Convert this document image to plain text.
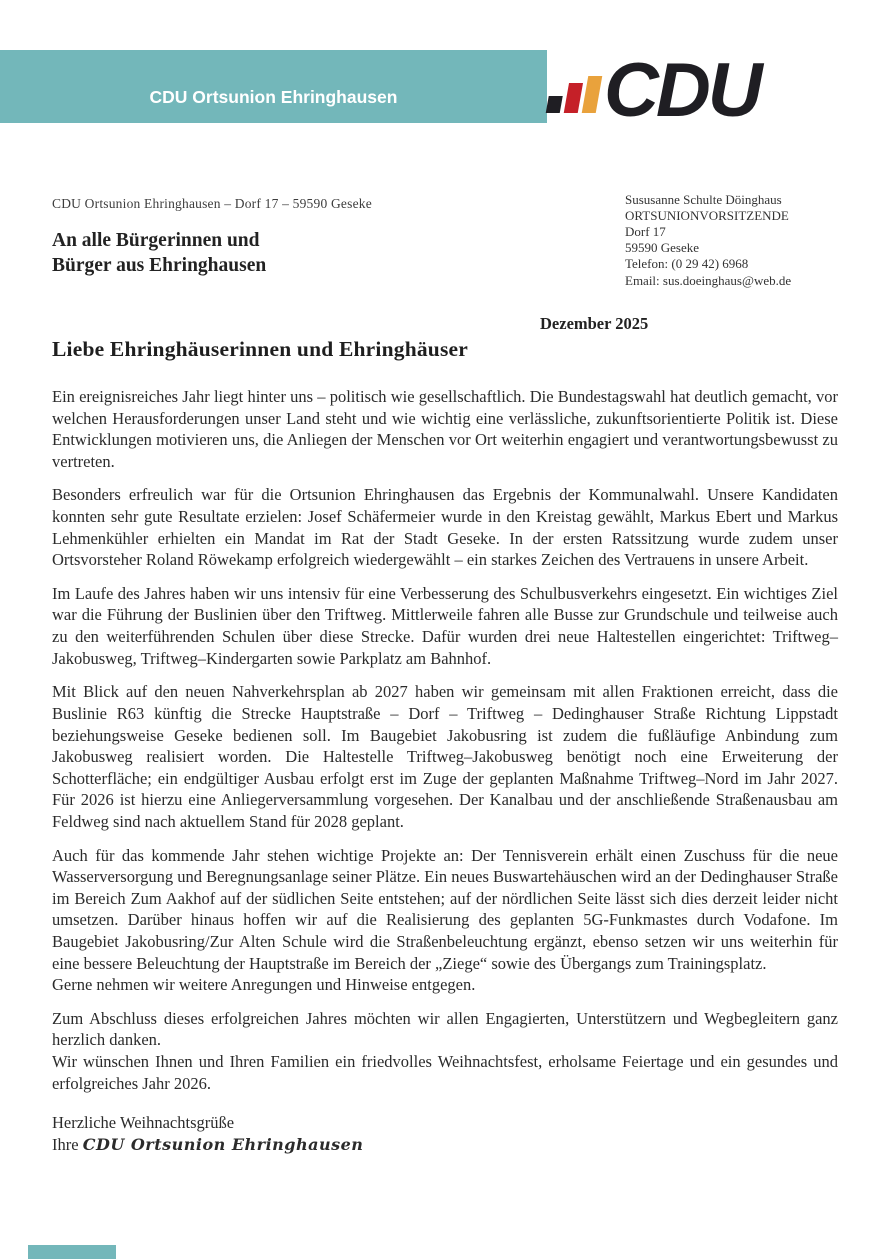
CDU Ortsunion Ehringhausen	CDU
CDU Ortsunion Ehringhausen – Dorf 17 – 59590 Geseke
An alle Bürgerinnen und
Bürger aus Ehringhausen
Sususanne Schulte Döinghaus
ORTSUNIONVORSITZENDE
Dorf 17
59590 Geseke
Telefon: (0 29 42) 6968
Email: sus.doeinghaus@web.de
Dezember 2025
Liebe Ehringhäuserinnen und Ehringhäuser

Ein ereignisreiches Jahr liegt hinter uns – politisch wie gesellschaftlich. Die Bundestagswahl hat deutlich gemacht, vor welchen Herausforderungen unser Land steht und wie wichtig eine verlässliche, zukunftsorientierte Politik ist. Diese Entwicklungen motivieren uns, die Anliegen der Menschen vor Ort weiterhin engagiert und verantwortungsbewusst zu vertreten.

Besonders erfreulich war für die Ortsunion Ehringhausen das Ergebnis der Kommunalwahl. Unsere Kandidaten konnten sehr gute Resultate erzielen: Josef Schäfermeier wurde in den Kreistag gewählt, Markus Ebert und Markus Lehmenkühler erhielten ein Mandat im Rat der Stadt Geseke. In der ersten Ratssitzung wurde zudem unser Ortsvorsteher Roland Röwekamp erfolgreich wiedergewählt – ein starkes Zeichen des Vertrauens in unsere Arbeit.

Im Laufe des Jahres haben wir uns intensiv für eine Verbesserung des Schulbusverkehrs eingesetzt. Ein wichtiges Ziel war die Führung der Buslinien über den Triftweg. Mittlerweile fahren alle Busse zur Grundschule und teilweise auch zu den weiterführenden Schulen über diese Strecke. Dafür wurden drei neue Haltestellen eingerichtet: Triftweg–Jakobusweg, Triftweg–Kindergarten sowie Parkplatz am Bahnhof.

Mit Blick auf den neuen Nahverkehrsplan ab 2027 haben wir gemeinsam mit allen Fraktionen erreicht, dass die Buslinie R63 künftig die Strecke Hauptstraße – Dorf – Triftweg – Dedinghauser Straße Richtung Lippstadt beziehungsweise Geseke bedienen soll. Im Baugebiet Jakobusring ist zudem die fußläufige Anbindung zum Jakobusweg realisiert worden. Die Haltestelle Triftweg–Jakobusweg benötigt noch eine Erweiterung der Schotterfläche; ein endgültiger Ausbau erfolgt erst im Zuge der geplanten Maßnahme Triftweg–Nord im Jahr 2027. Für 2026 ist hierzu eine Anliegerversammlung vorgesehen. Der Kanalbau und der anschließende Straßenausbau am Feldweg sind nach aktuellem Stand für 2028 geplant.

Auch für das kommende Jahr stehen wichtige Projekte an: Der Tennisverein erhält einen Zuschuss für die neue Wasserversorgung und Beregnungsanlage seiner Plätze. Ein neues Buswartehäuschen wird an der Dedinghauser Straße im Bereich Zum Aakhof auf der südlichen Seite entstehen; auf der nördlichen Seite lässt sich dies derzeit leider nicht umsetzen. Darüber hinaus hoffen wir auf die Realisierung des geplanten 5G-Funkmastes durch Vodafone. Im Baugebiet Jakobusring/Zur Alten Schule wird die Straßenbeleuchtung ergänzt, ebenso setzen wir uns weiterhin für eine bessere Beleuchtung der Hauptstraße im Bereich der „Ziege“ sowie des Übergangs zum Trainingsplatz.
Gerne nehmen wir weitere Anregungen und Hinweise entgegen.

Zum Abschluss dieses erfolgreichen Jahres möchten wir allen Engagierten, Unterstützern und Wegbegleitern ganz herzlich danken.
Wir wünschen Ihnen und Ihren Familien ein friedvolles Weihnachtsfest, erholsame Feiertage und ein gesundes und erfolgreiches Jahr 2026.

Herzliche Weihnachtsgrüße
Ihre CDU Ortsunion Ehringhausen
